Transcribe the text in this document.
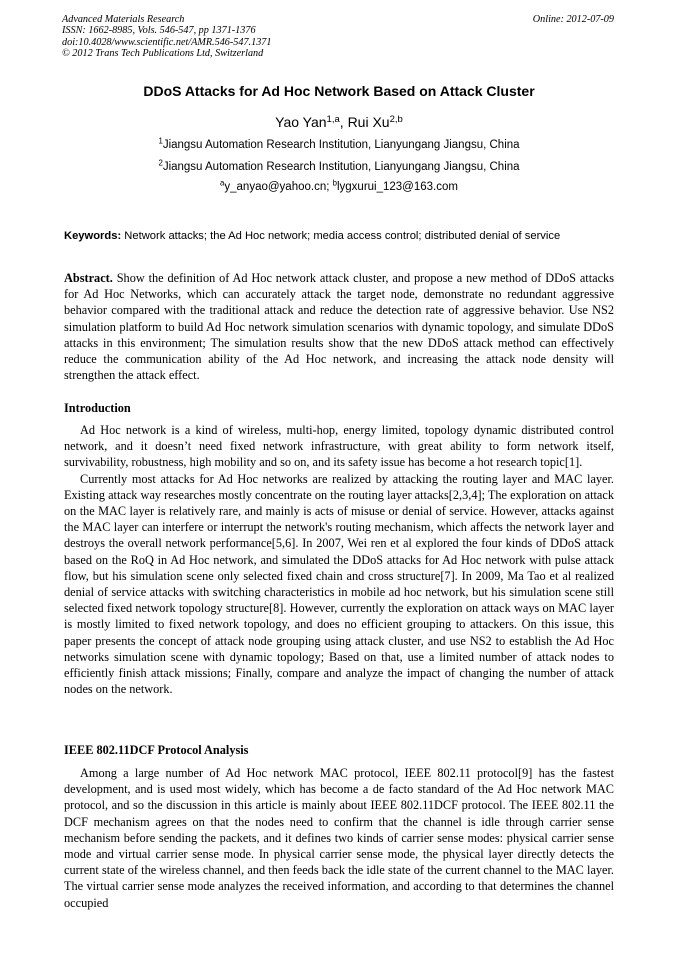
Advanced Materials Research
ISSN: 1662-8985, Vols. 546-547, pp 1371-1376
doi:10.4028/www.scientific.net/AMR.546-547.1371
© 2012 Trans Tech Publications Ltd, Switzerland
Online: 2012-07-09
DDoS Attacks for Ad Hoc Network Based on Attack Cluster
Yao Yan$^{1,a}$, Rui Xu$^{2,b}$
$^1$Jiangsu Automation Research Institution, Lianyungang Jiangsu, China
$^2$Jiangsu Automation Research Institution, Lianyungang Jiangsu, China
$^a$y_anyao@yahoo.cn; $^b$lygxurui_123@163.com
Keywords: Network attacks; the Ad Hoc network; media access control; distributed denial of service

Abstract. Show the definition of Ad Hoc network attack cluster, and propose a new method of DDoS attacks for Ad Hoc Networks, which can accurately attack the target node, demonstrate no redundant aggressive behavior compared with the traditional attack and reduce the detection rate of aggressive behavior. Use NS2 simulation platform to build Ad Hoc network simulation scenarios with dynamic topology, and simulate DDoS attacks in this environment; The simulation results show that the new DDoS attack method can effectively reduce the communication ability of the Ad Hoc network, and increasing the attack node density will strengthen the attack effect.

Introduction

Ad Hoc network is a kind of wireless, multi-hop, energy limited, topology dynamic distributed control network, and it doesn’t need fixed network infrastructure, with great ability to form network itself, survivability, robustness, high mobility and so on, and its safety issue has become a hot research topic[1].

Currently most attacks for Ad Hoc networks are realized by attacking the routing layer and MAC layer. Existing attack way researches mostly concentrate on the routing layer attacks[2,3,4]; The exploration on attack on the MAC layer is relatively rare, and mainly is acts of misuse or denial of service. However, attacks against the MAC layer can interfere or interrupt the network's routing mechanism, which affects the network layer and destroys the overall network performance[5,6]. In 2007, Wei ren et al explored the four kinds of DDoS attack based on the RoQ in Ad Hoc network, and simulated the DDoS attacks for Ad Hoc network with pulse attack flow, but his simulation scene only selected fixed chain and cross structure[7]. In 2009, Ma Tao et al realized denial of service attacks with switching characteristics in mobile ad hoc network, but his simulation scene still selected fixed network topology structure[8]. However, currently the exploration on attack ways on MAC layer is mostly limited to fixed network topology, and does no efficient grouping to attackers. On this issue, this paper presents the concept of attack node grouping using attack cluster, and use NS2 to establish the Ad Hoc networks simulation scene with dynamic topology; Based on that, use a limited number of attack nodes to efficiently finish attack missions; Finally, compare and analyze the impact of changing the number of attack nodes on the network.

IEEE 802.11DCF Protocol Analysis

Among a large number of Ad Hoc network MAC protocol, IEEE 802.11 protocol[9] has the fastest development, and is used most widely, which has become a de facto standard of the Ad Hoc network MAC protocol, and so the discussion in this article is mainly about IEEE 802.11DCF protocol. The IEEE 802.11 the DCF mechanism agrees on that the nodes need to confirm that the channel is idle through carrier sense mechanism before sending the packets, and it defines two kinds of carrier sense modes: physical carrier sense mode and virtual carrier sense mode. In physical carrier sense mode, the physical layer directly detects the current state of the wireless channel, and then feeds back the idle state of the current channel to the MAC layer. The virtual carrier sense mode analyzes the received information, and according to that determines the channel occupied
